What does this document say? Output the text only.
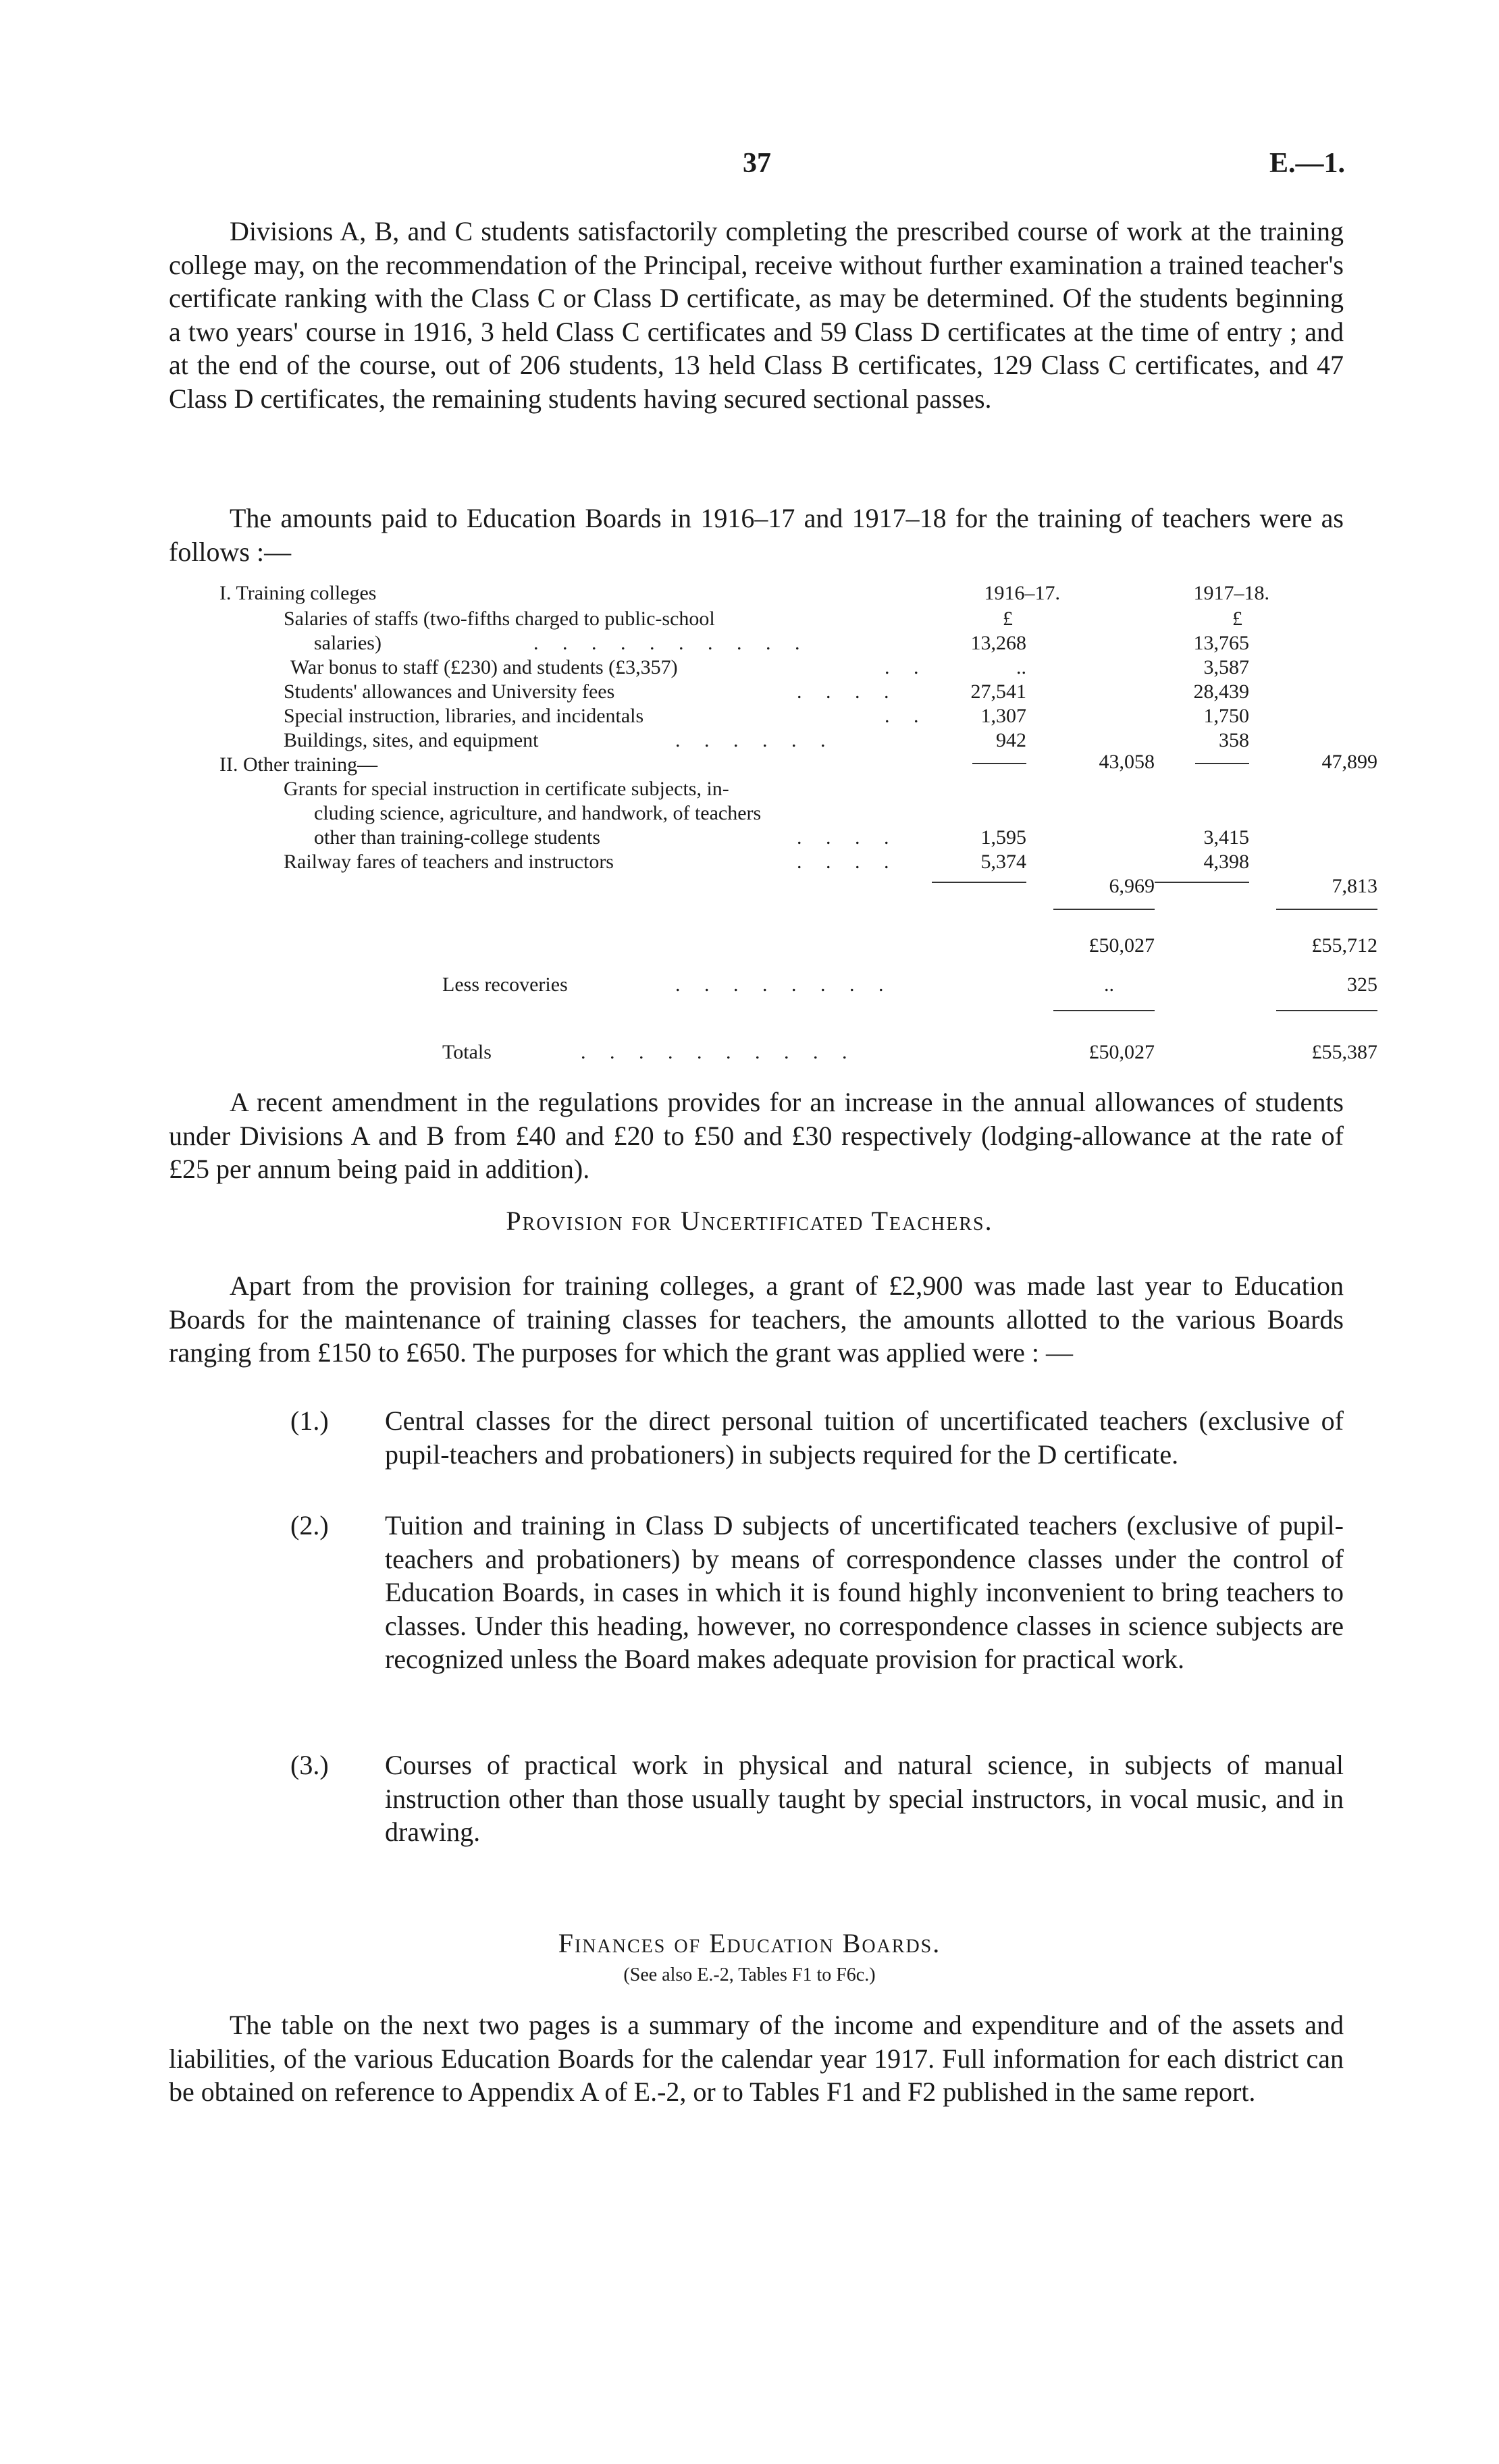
37	E.—1.
Divisions A, B, and C students satisfactorily completing the prescribed course of work at the training college may, on the recommendation of the Principal, receive without further examination a trained teacher's certificate ranking with the Class C or Class D certificate, as may be determined. Of the students beginning a two years' course in 1916, 3 held Class C certificates and 59 Class D certificates at the time of entry ; and at the end of the course, out of 206 students, 13 held Class B certificates, 129 Class C certificates, and 47 Class D certificates, the remaining students having secured sectional passes.
The amounts paid to Education Boards in 1916–17 and 1917–18 for the training of teachers were as follows :—
I. Training colleges	1916–17.	1917–18.
Salaries of staffs (two-fifths charged to public-school	£	£
salaries)	. . . . . . . . . .	13,268	13,765
War bonus to staff (£230) and students (£3,357)	. .	..	3,587
Students' allowances and University fees	. . . .	27,541	28,439
Special instruction, libraries, and incidentals	. .	1,307	1,750
Buildings, sites, and equipment	. . . . . .	942	358
43,058	47,899
II. Other training—
Grants for special instruction in certificate subjects, in-
cluding science, agriculture, and handwork, of teachers
other than training-college students	. . . .	1,595	3,415
Railway fares of teachers and instructors	. . . .	5,374	4,398
6,969	7,813
£50,027	£55,712
Less recoveries	. . . . . . . .	..	325
Totals	. . . . . . . . . .	£50,027	£55,387
A recent amendment in the regulations provides for an increase in the annual allowances of students under Divisions A and B from £40 and £20 to £50 and £30 respectively (lodging-allowance at the rate of £25 per annum being paid in addition).
Provision for Uncertificated Teachers.
Apart from the provision for training colleges, a grant of £2,900 was made last year to Education Boards for the maintenance of training classes for teachers, the amounts allotted to the various Boards ranging from £150 to £650. The purposes for which the grant was applied were : —
(1.)	Central classes for the direct personal tuition of uncertificated teachers (exclusive of pupil-teachers and probationers) in subjects required for the D certificate.
(2.)	Tuition and training in Class D subjects of uncertificated teachers (exclusive of pupil-teachers and probationers) by means of correspondence classes under the control of Education Boards, in cases in which it is found highly inconvenient to bring teachers to classes. Under this heading, however, no correspondence classes in science subjects are recognized unless the Board makes adequate provision for practical work.
(3.)	Courses of practical work in physical and natural science, in subjects of manual instruction other than those usually taught by special instructors, in vocal music, and in drawing.
Finances of Education Boards.
(See also E.-2, Tables F1 to F6c.)
The table on the next two pages is a summary of the income and expenditure and of the assets and liabilities, of the various Education Boards for the calendar year 1917. Full information for each district can be obtained on reference to Appendix A of E.-2, or to Tables F1 and F2 published in the same report.
